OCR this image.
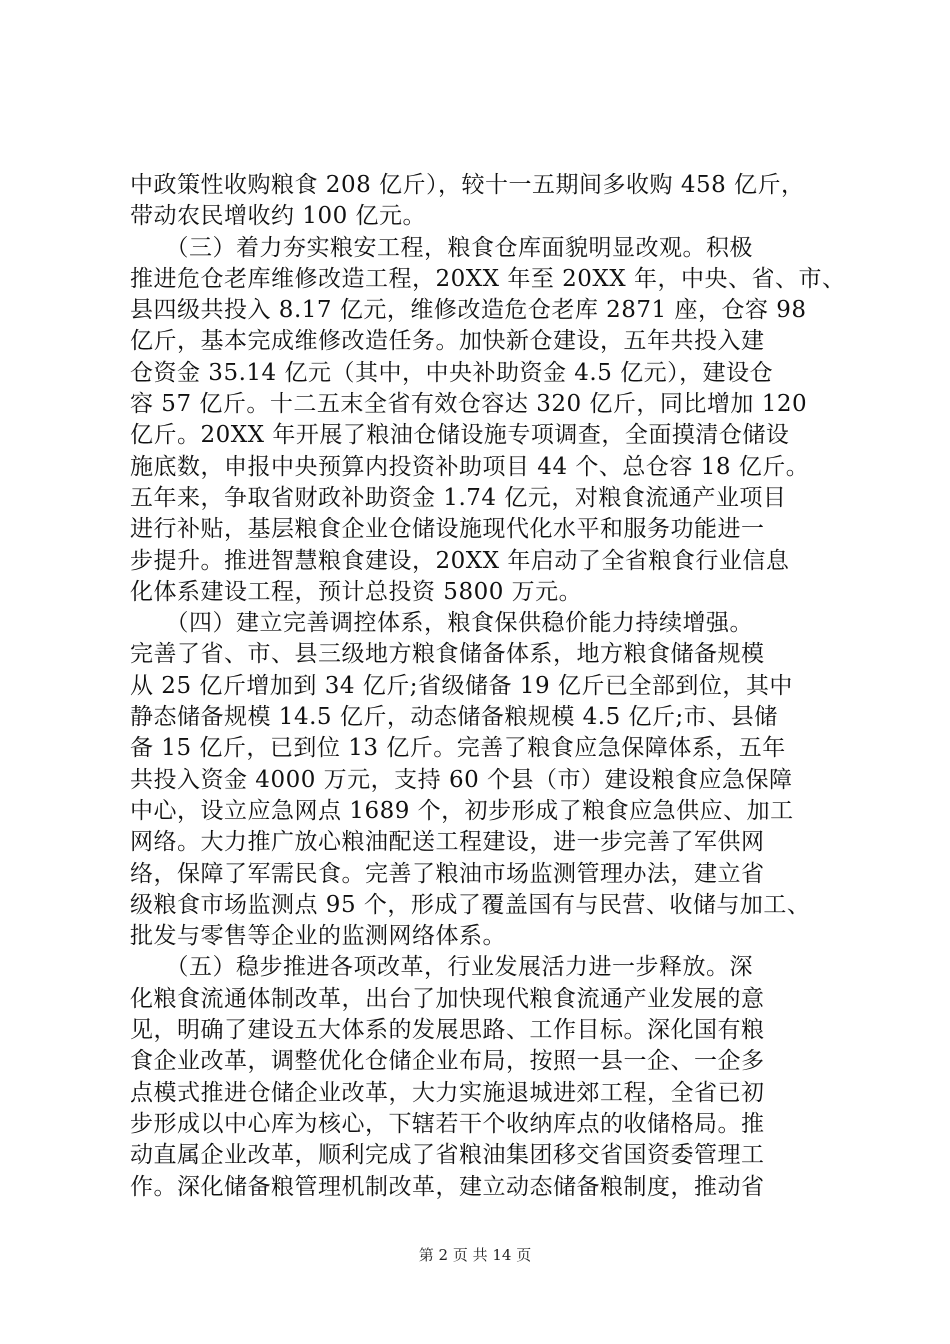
中政策性收购粮食 208 亿斤），较十一五期间多收购 458 亿斤，
带动农民增收约 100 亿元。
　　（三）着力夯实粮安工程，粮食仓库面貌明显改观。积极
推进危仓老库维修改造工程，20XX 年至 20XX 年，中央、省、市、
县四级共投入 8.17 亿元，维修改造危仓老库 2871 座，仓容 98
亿斤，基本完成维修改造任务。加快新仓建设，五年共投入建
仓资金 35.14 亿元（其中，中央补助资金 4.5 亿元），建设仓
容 57 亿斤。十二五末全省有效仓容达 320 亿斤，同比增加 120
亿斤。20XX 年开展了粮油仓储设施专项调查，全面摸清仓储设
施底数，申报中央预算内投资补助项目 44 个、总仓容 18 亿斤。
五年来，争取省财政补助资金 1.74 亿元，对粮食流通产业项目
进行补贴，基层粮食企业仓储设施现代化水平和服务功能进一
步提升。推进智慧粮食建设，20XX 年启动了全省粮食行业信息
化体系建设工程，预计总投资 5800 万元。
　　（四）建立完善调控体系，粮食保供稳价能力持续增强。
完善了省、市、县三级地方粮食储备体系，地方粮食储备规模
从 25 亿斤增加到 34 亿斤;省级储备 19 亿斤已全部到位，其中
静态储备规模 14.5 亿斤，动态储备粮规模 4.5 亿斤;市、县储
备 15 亿斤，已到位 13 亿斤。完善了粮食应急保障体系，五年
共投入资金 4000 万元，支持 60 个县（市）建设粮食应急保障
中心，设立应急网点 1689 个，初步形成了粮食应急供应、加工
网络。大力推广放心粮油配送工程建设，进一步完善了军供网
络，保障了军需民食。完善了粮油市场监测管理办法，建立省
级粮食市场监测点 95 个，形成了覆盖国有与民营、收储与加工、
批发与零售等企业的监测网络体系。
　　（五）稳步推进各项改革，行业发展活力进一步释放。深
化粮食流通体制改革，出台了加快现代粮食流通产业发展的意
见，明确了建设五大体系的发展思路、工作目标。深化国有粮
食企业改革，调整优化仓储企业布局，按照一县一企、一企多
点模式推进仓储企业改革，大力实施退城进郊工程，全省已初
步形成以中心库为核心，下辖若干个收纳库点的收储格局。推
动直属企业改革，顺利完成了省粮油集团移交省国资委管理工
作。深化储备粮管理机制改革，建立动态储备粮制度，推动省
第 2 页 共 14 页
